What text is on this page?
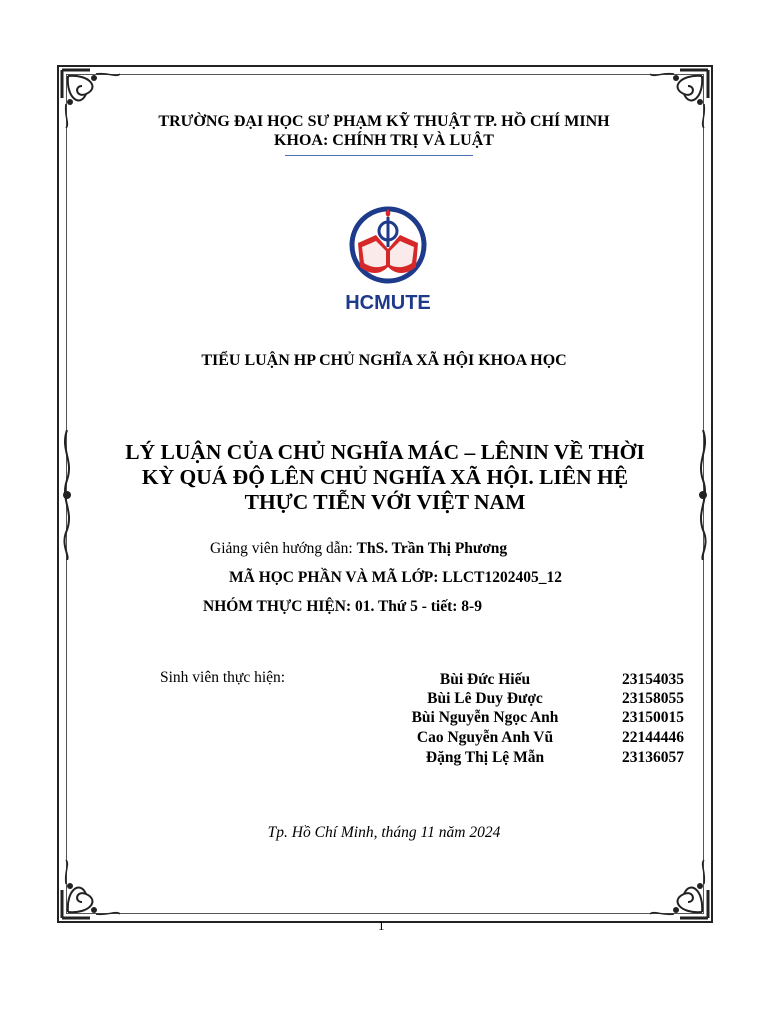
TRƯỜNG ĐẠI HỌC SƯ PHẠM KỸ THUẬT TP. HỒ CHÍ MINH
KHOA: CHÍNH TRỊ VÀ LUẬT
HCMUTE
TIỂU LUẬN HP CHỦ NGHĨA XÃ HỘI KHOA HỌC
LÝ LUẬN CỦA CHỦ NGHĨA MÁC – LÊNIN VỀ THỜI
KỲ QUÁ ĐỘ LÊN CHỦ NGHĨA XÃ HỘI. LIÊN HỆ
THỰC TIỄN VỚI VIỆT NAM
Giảng viên hướng dẫn: ThS. Trần Thị Phương
MÃ HỌC PHẦN VÀ MÃ LỚP: LLCT1202405_12
NHÓM THỰC HIỆN: 01. Thứ 5 - tiết: 8-9
Sinh viên thực hiện:	Bùi Đức Hiếu	23154035
Bùi Lê Duy Được	23158055
Bùi Nguyễn Ngọc Anh	23150015
Cao Nguyễn Anh Vũ	22144446
Đặng Thị Lệ Mẫn	23136057
Tp. Hồ Chí Minh, tháng 11 năm 2024
1
